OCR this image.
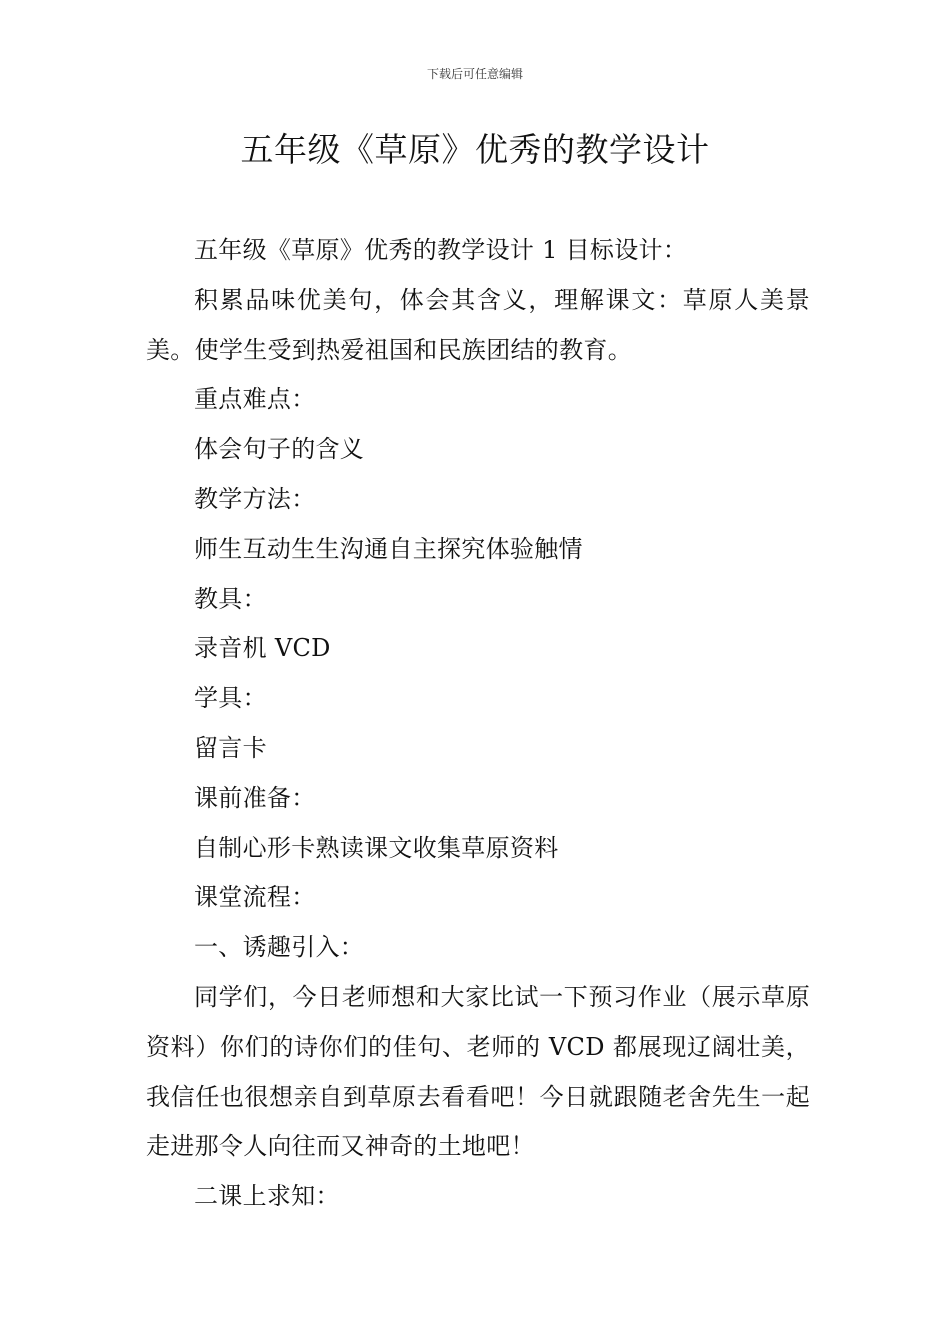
下载后可任意编辑
五年级《草原》优秀的教学设计

五年级《草原》优秀的教学设计 1 目标设计：

积累品味优美句，体会其含义，理解课文：草原人美景美。使学生受到热爱祖国和民族团结的教育。

重点难点：

体会句子的含义

教学方法：

师生互动生生沟通自主探究体验触情

教具：

录音机 VCD

学具：

留言卡

课前准备：

自制心形卡熟读课文收集草原资料

课堂流程：

一、诱趣引入：

同学们，今日老师想和大家比试一下预习作业（展示草原资料）你们的诗你们的佳句、老师的 VCD 都展现辽阔壮美，我信任也很想亲自到草原去看看吧！今日就跟随老舍先生一起走进那令人向往而又神奇的土地吧！

二课上求知：
